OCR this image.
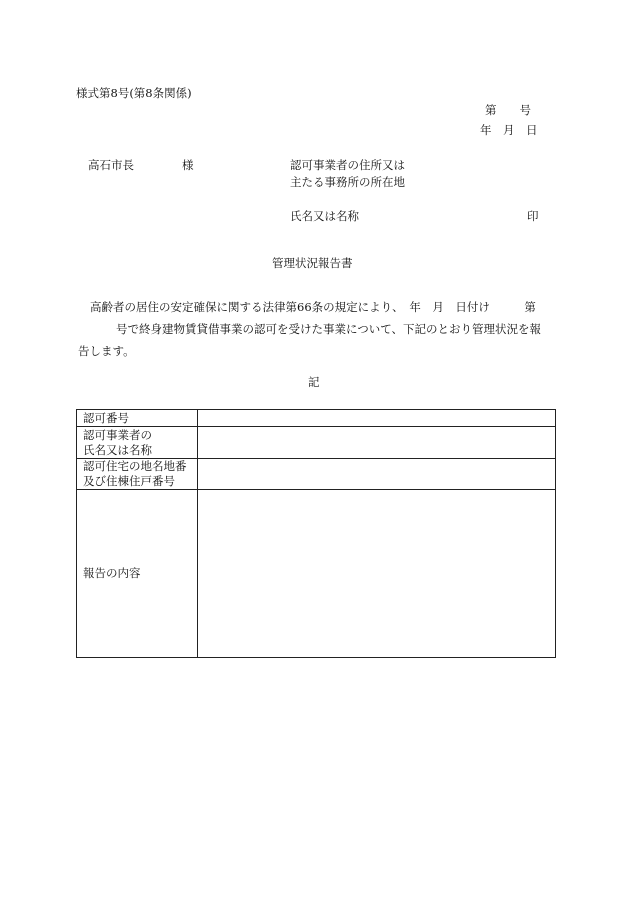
様式第8号(第8条関係)
第　　号
年　月　日
高石市長	様	認可事業者の住所又は
主たる事務所の所在地
氏名又は名称	印
管理状況報告書
高齢者の居住の安定確保に関する法律第66条の規定により、　年　月　日付け　　　第
号で終身建物賃貸借事業の認可を受けた事業について、下記のとおり管理状況を報
告します。
記
認可番号	

認可事業者の
氏名又は名称	

認可住宅の地名地番
及び住棟住戸番号	

報告の内容	
